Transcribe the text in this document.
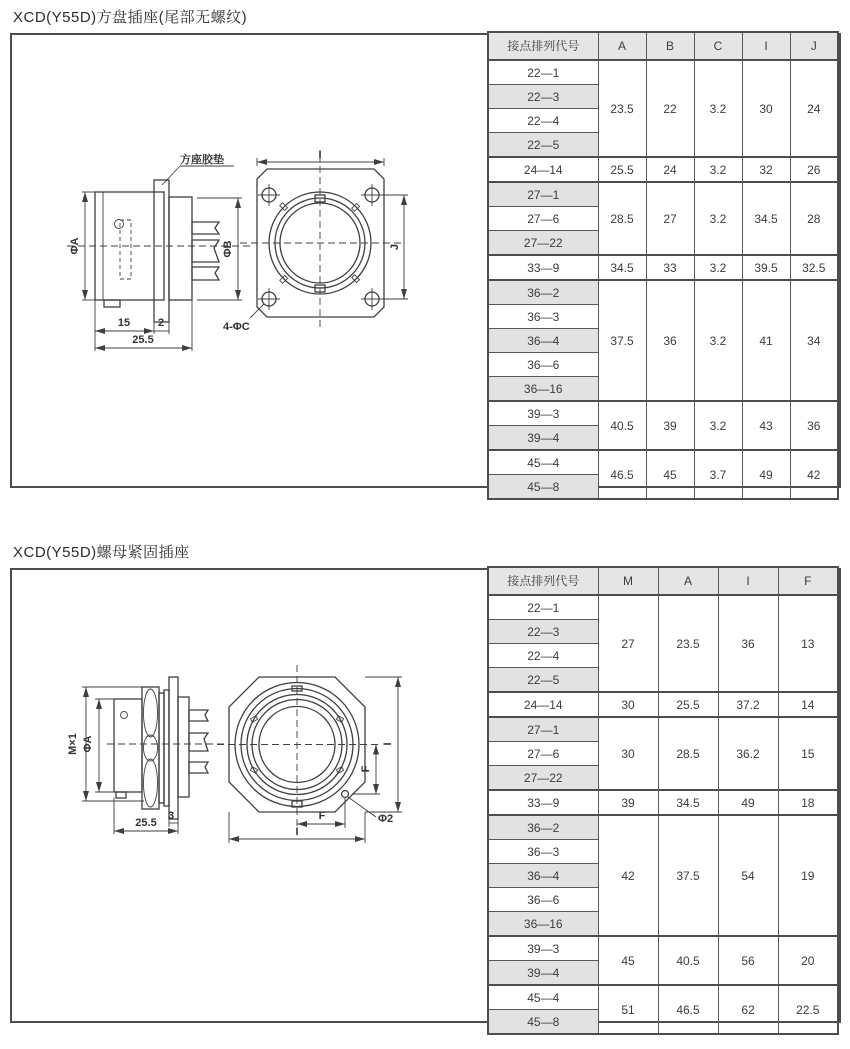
XCD(Y55D)方盘插座(尾部无螺纹)
方座胶垫
ΦA	ΦB
15	2
25.5
I
J
4-ΦC
接点排列代号	A	B	C	I	J
22—1	23.5	22	3.2	30	24
22—3					
22—4					
22—5					
24—14	25.5	24	3.2	32	26
27—1	28.5	27	3.2	34.5	28
27—6					
27—22					
33—9	34.5	33	3.2	39.5	32.5
36—2	37.5	36	3.2	41	34
36—3					
36—4					
36—6					
36—16					
39—3	40.5	39	3.2	43	36
39—4					
45—4	46.5	45	3.7	49	42
45—8					
XCD(Y55D)螺母紧固插座
M×1 ΦA
3
25.5
F
I
F
I
Φ2
接点排列代号	M	A	I	F
22—1	27	23.5	36	13
22—3				
22—4				
22—5				
24—14	30	25.5	37.2	14
27—1	30	28.5	36.2	15
27—6				
27—22				
33—9	39	34.5	49	18
36—2	42	37.5	54	19
36—3				
36—4				
36—6				
36—16				
39—3	45	40.5	56	20
39—4				
45—4	51	46.5	62	22.5
45—8				
